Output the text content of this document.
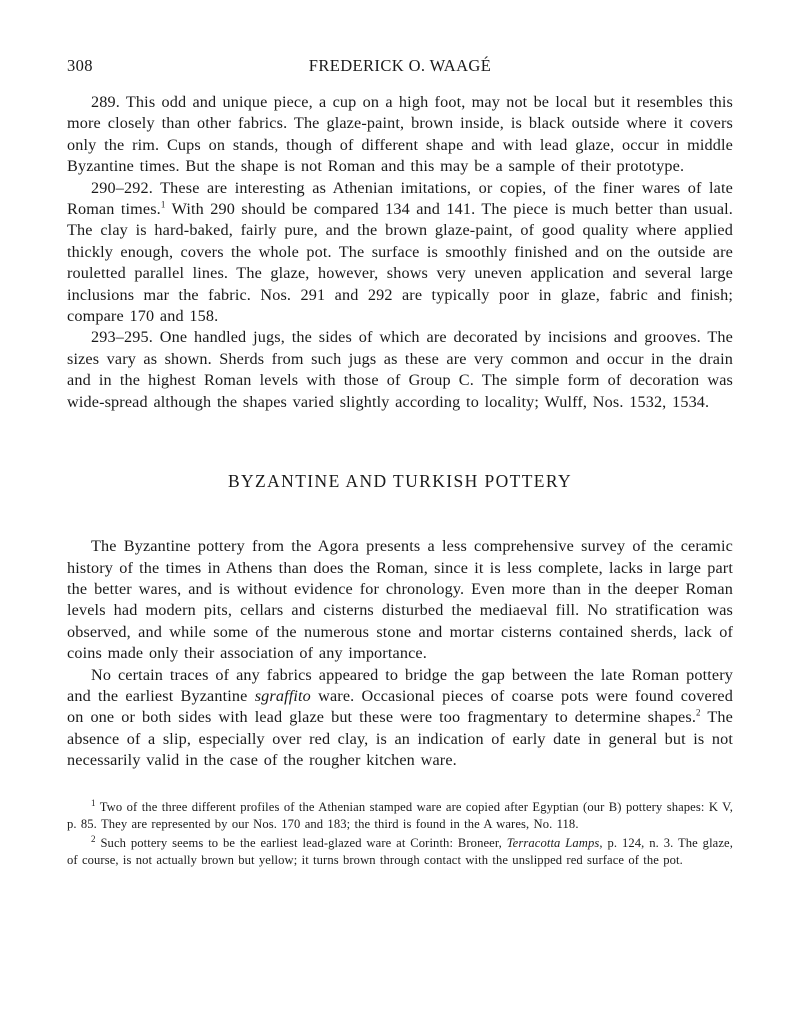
308	FREDERICK O. WAAGÉ

289. This odd and unique piece, a cup on a high foot, may not be local but it resembles this more closely than other fabrics. The glaze-paint, brown inside, is black outside where it covers only the rim. Cups on stands, though of different shape and with lead glaze, occur in middle Byzantine times. But the shape is not Roman and this may be a sample of their prototype.

290–292. These are interesting as Athenian imitations, or copies, of the finer wares of late Roman times.$^1$ With 290 should be compared 134 and 141. The piece is much better than usual. The clay is hard-baked, fairly pure, and the brown glaze-paint, of good quality where applied thickly enough, covers the whole pot. The surface is smoothly finished and on the outside are rouletted parallel lines. The glaze, however, shows very uneven application and several large inclusions mar the fabric. Nos. 291 and 292 are typically poor in glaze, fabric and finish; compare 170 and 158.

293–295. One handled jugs, the sides of which are decorated by incisions and grooves. The sizes vary as shown. Sherds from such jugs as these are very common and occur in the drain and in the highest Roman levels with those of Group C. The simple form of decoration was wide-spread although the shapes varied slightly according to locality; Wulff, Nos. 1532, 1534.

BYZANTINE AND TURKISH POTTERY

The Byzantine pottery from the Agora presents a less comprehensive survey of the ceramic history of the times in Athens than does the Roman, since it is less complete, lacks in large part the better wares, and is without evidence for chronology. Even more than in the deeper Roman levels had modern pits, cellars and cisterns disturbed the mediaeval fill. No stratification was observed, and while some of the numerous stone and mortar cisterns contained sherds, lack of coins made only their association of any importance.

No certain traces of any fabrics appeared to bridge the gap between the late Roman pottery and the earliest Byzantine sgraffito ware. Occasional pieces of coarse pots were found covered on one or both sides with lead glaze but these were too fragmentary to determine shapes.$^2$ The absence of a slip, especially over red clay, is an indication of early date in general but is not necessarily valid in the case of the rougher kitchen ware.

$^1$ Two of the three different profiles of the Athenian stamped ware are copied after Egyptian (our B) pottery shapes: K V, p. 85. They are represented by our Nos. 170 and 183; the third is found in the A wares, No. 118.

$^2$ Such pottery seems to be the earliest lead-glazed ware at Corinth: Broneer, Terracotta Lamps, p. 124, n. 3. The glaze, of course, is not actually brown but yellow; it turns brown through contact with the unslipped red surface of the pot.
